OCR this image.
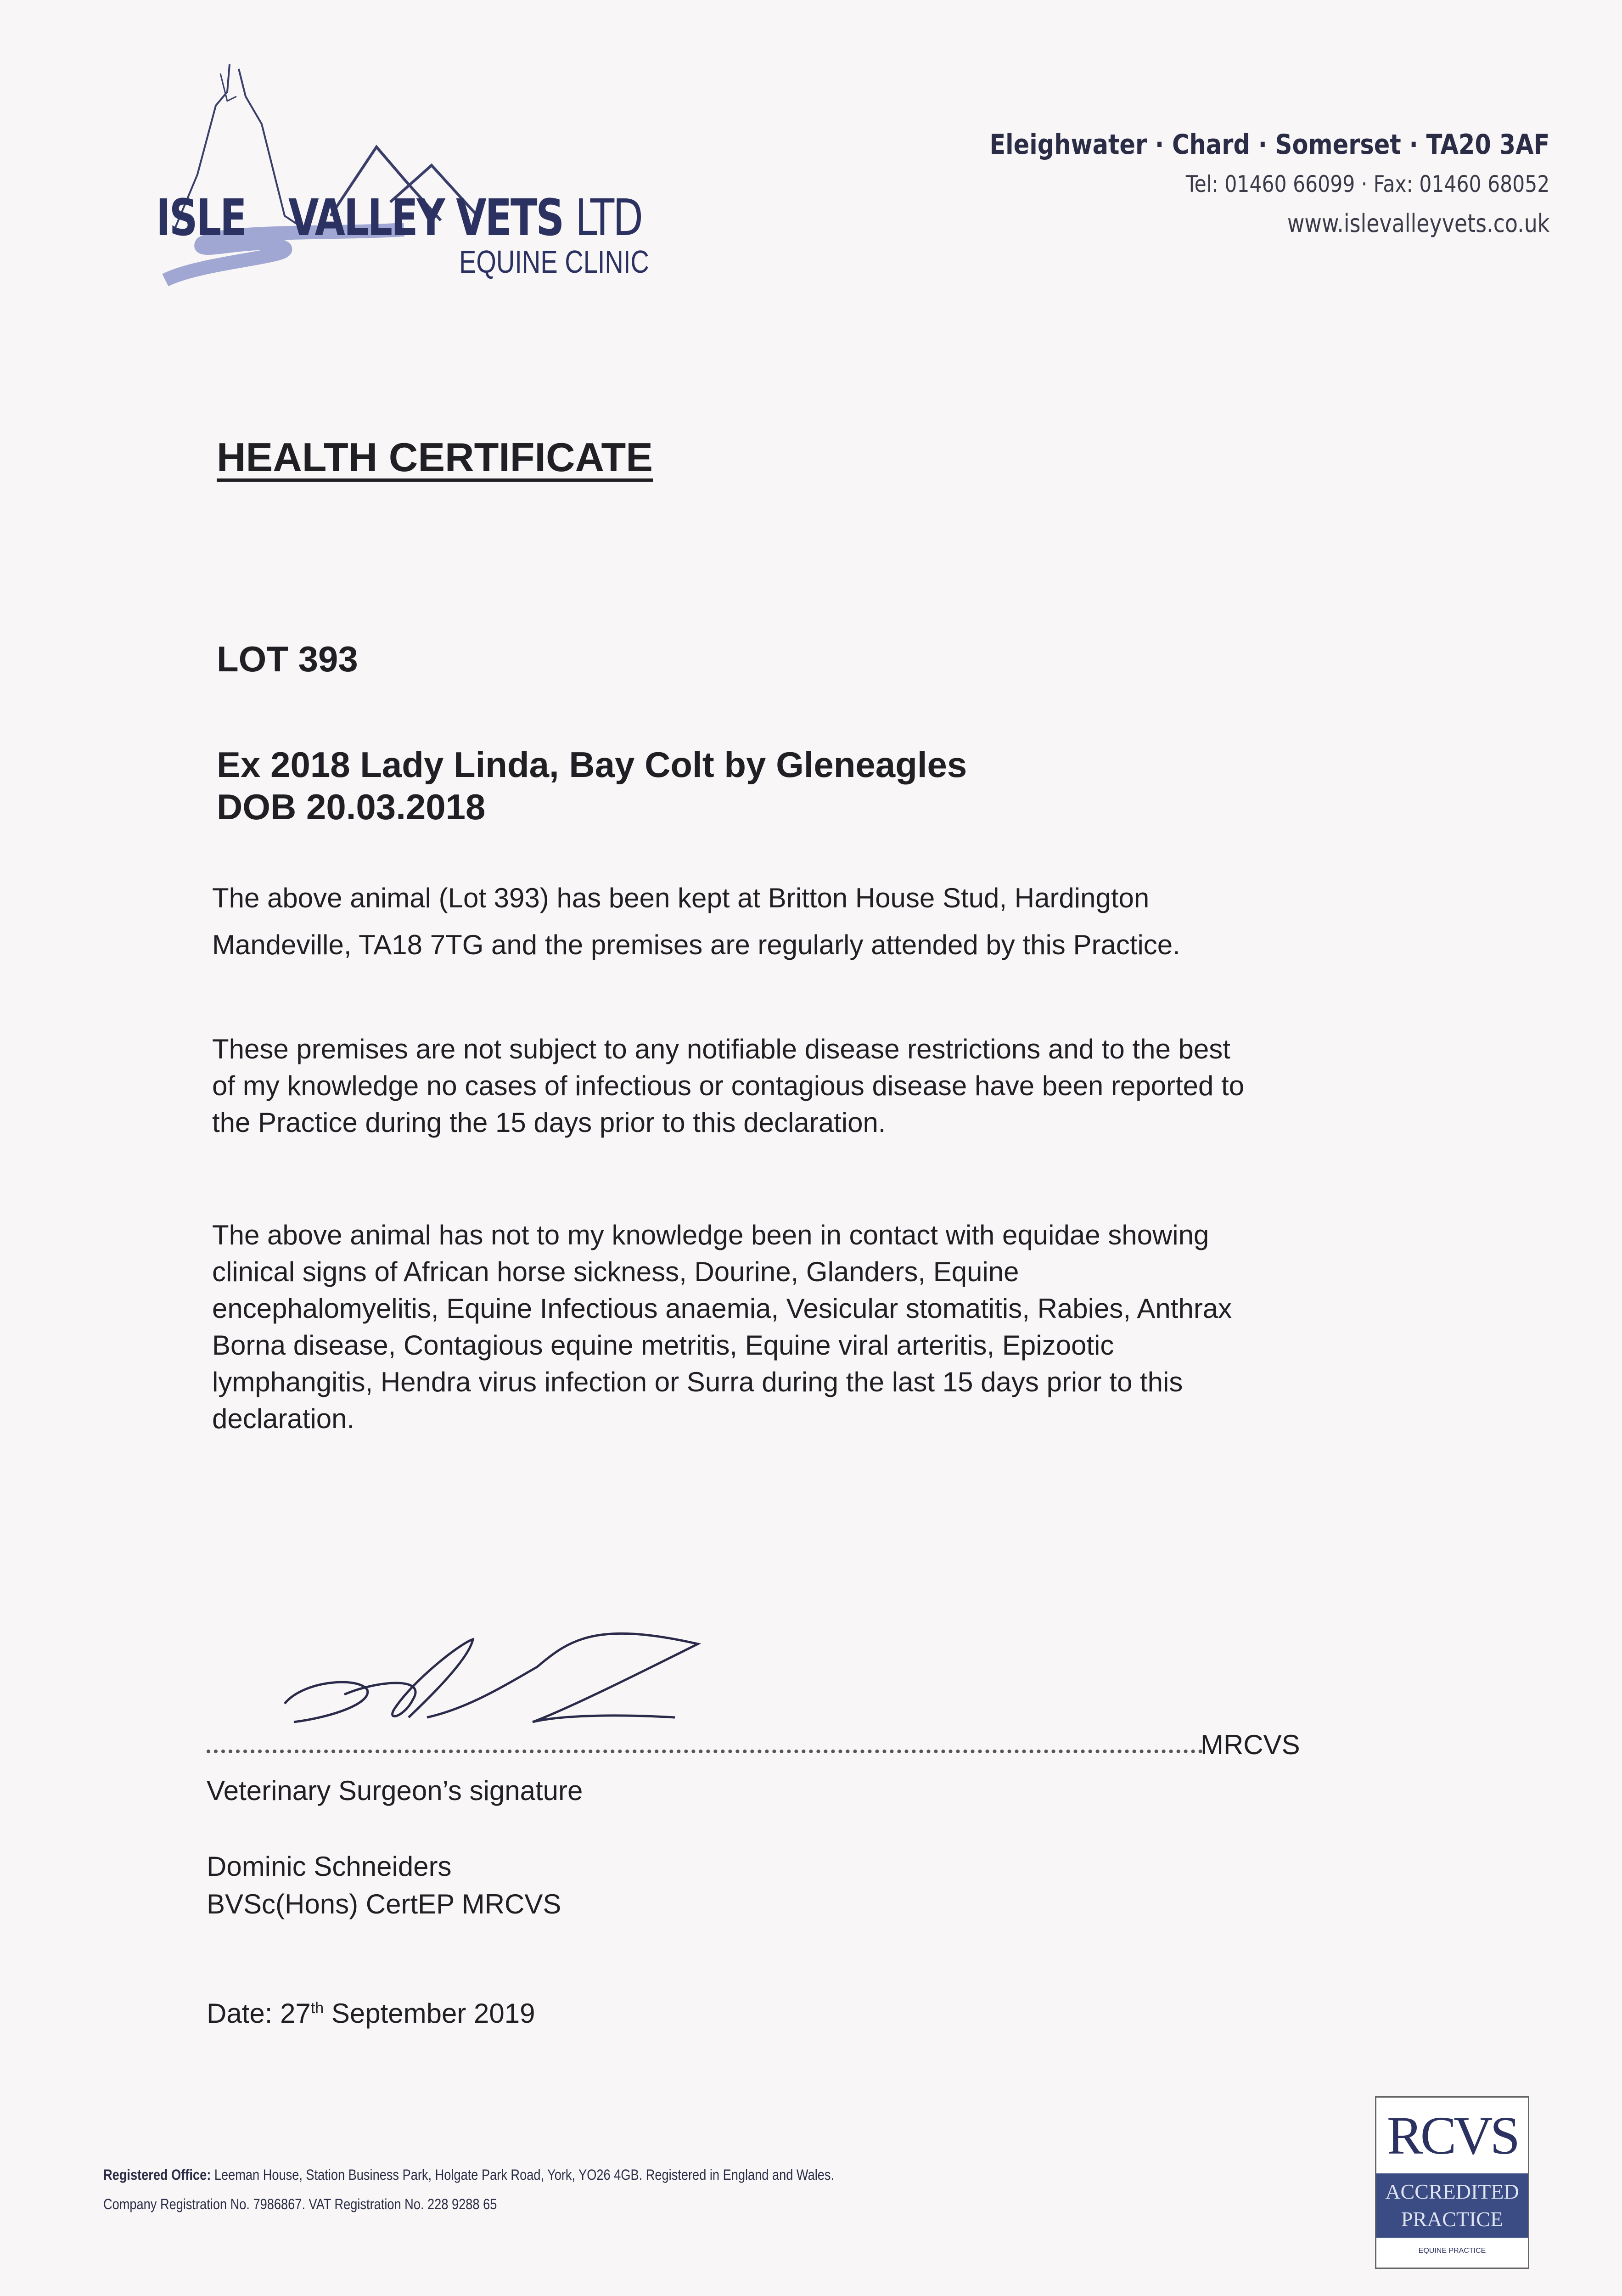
ISLE VALLEY VETS LTD
EQUINE CLINIC
Eleighwater · Chard · Somerset · TA20 3AF
Tel: 01460 66099 · Fax: 01460 68052
www.islevalleyvets.co.uk
HEALTH CERTIFICATE
LOT 393
Ex 2018 Lady Linda, Bay Colt by Gleneagles
DOB 20.03.2018
The above animal (Lot 393) has been kept at Britton House Stud, Hardington
Mandeville, TA18 7TG and the premises are regularly attended by this Practice.
These premises are not subject to any notifiable disease restrictions and to the best
of my knowledge no cases of infectious or contagious disease have been reported to
the Practice during the 15 days prior to this declaration.
The above animal has not to my knowledge been in contact with equidae showing
clinical signs of African horse sickness, Dourine, Glanders, Equine
encephalomyelitis, Equine Infectious anaemia, Vesicular stomatitis, Rabies, Anthrax
Borna disease, Contagious equine metritis, Equine viral arteritis, Epizootic
lymphangitis, Hendra virus infection or Surra during the last 15 days prior to this
declaration.
MRCVS
Veterinary Surgeon’s signature
Dominic Schneiders
BVSc(Hons) CertEP MRCVS
Date: 27th September 2019
Registered Office: Leeman House, Station Business Park, Holgate Park Road, York, YO26 4GB. Registered in England and Wales.
Company Registration No. 7986867. VAT Registration No. 228 9288 65
RCVS
ACCREDITED
PRACTICE
EQUINE PRACTICE
